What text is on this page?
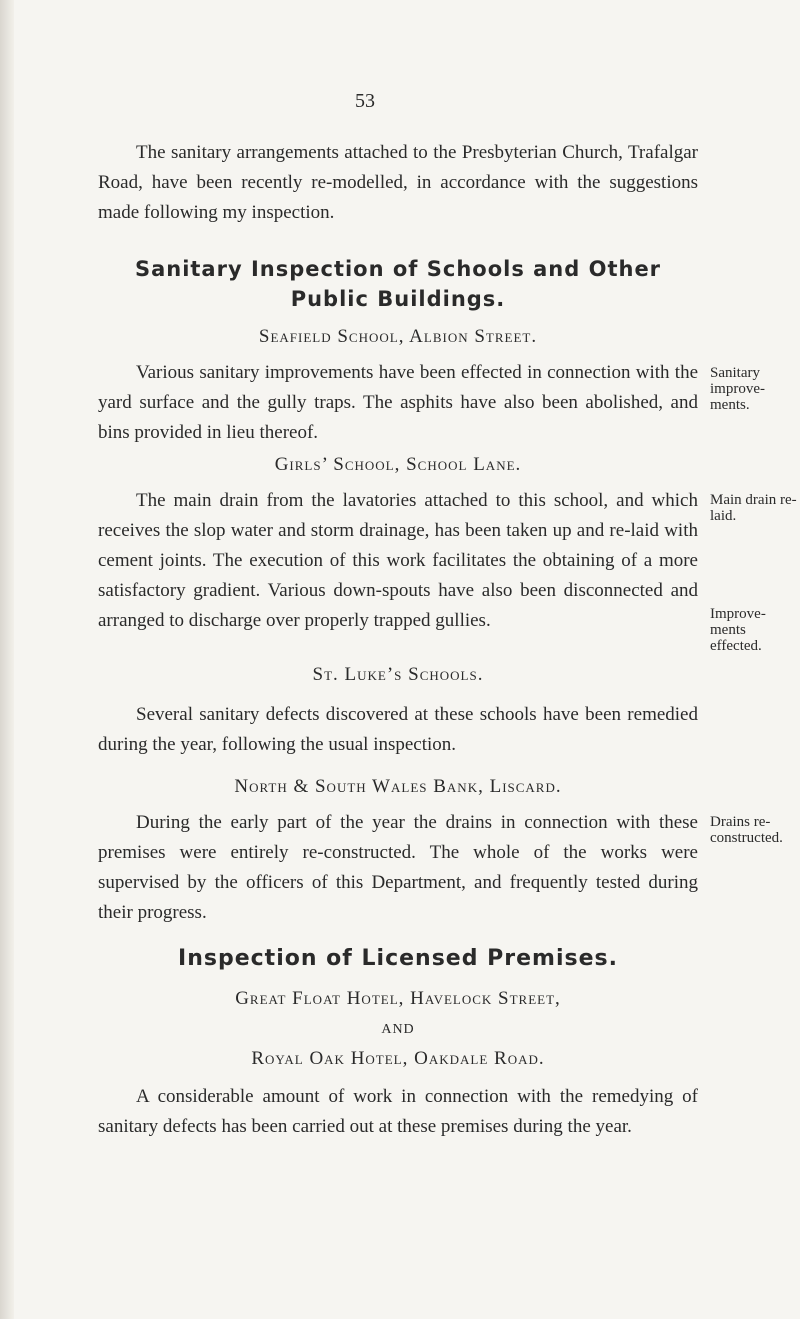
53

The sanitary arrangements attached to the Presbyterian Church, Trafalgar Road, have been recently re-modelled, in accordance with the suggestions made following my inspection.

Sanitary Inspection of Schools and Other
Public Buildings.
Seafield School, Albion Street.

Various sanitary improvements have been effected in connection with the yard surface and the gully traps. The asphits have also been abolished, and bins provided in lieu thereof.

Sanitary improve-ments.
Girls’ School, School Lane.

The main drain from the lavatories attached to this school, and which receives the slop water and storm drainage, has been taken up and re-laid with cement joints. The execution of this work facilitates the obtaining of a more satisfactory gradient. Various down-spouts have also been disconnected and arranged to discharge over properly trapped gullies.

Main drain re-laid.
Improve-ments effected.
St. Luke’s Schools.

Several sanitary defects discovered at these schools have been remedied during the year, following the usual inspection.

North & South Wales Bank, Liscard.

During the early part of the year the drains in connection with these premises were entirely re-constructed. The whole of the works were supervised by the officers of this Department, and frequently tested during their progress.

Drains re-constructed.
Inspection of Licensed Premises.
Great Float Hotel, Havelock Street,
AND
Royal Oak Hotel, Oakdale Road.

A considerable amount of work in connection with the remedying of sanitary defects has been carried out at these premises during the year.
